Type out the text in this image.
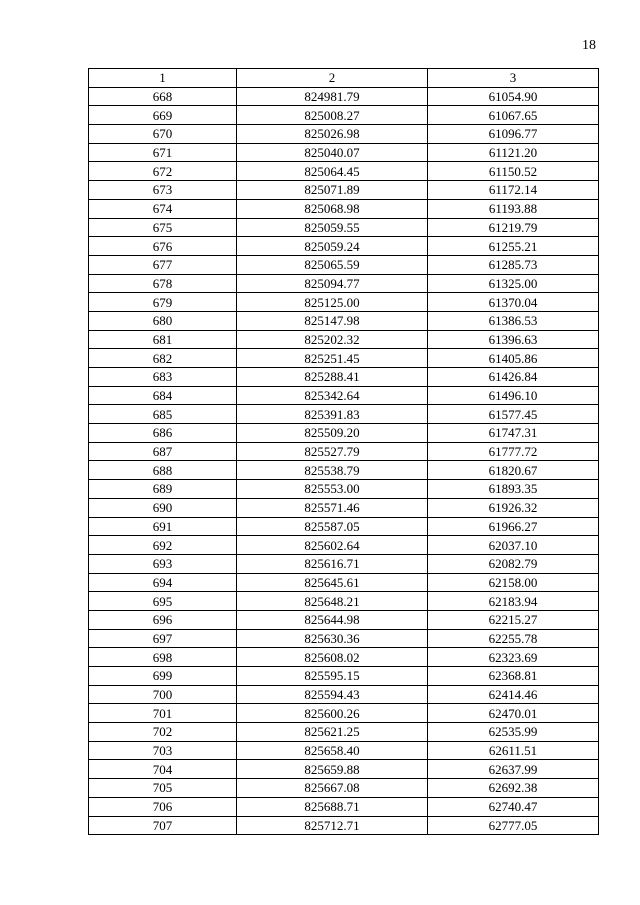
18
1	2	3
668	824981.79	61054.90
669	825008.27	61067.65
670	825026.98	61096.77
671	825040.07	61121.20
672	825064.45	61150.52
673	825071.89	61172.14
674	825068.98	61193.88
675	825059.55	61219.79
676	825059.24	61255.21
677	825065.59	61285.73
678	825094.77	61325.00
679	825125.00	61370.04
680	825147.98	61386.53
681	825202.32	61396.63
682	825251.45	61405.86
683	825288.41	61426.84
684	825342.64	61496.10
685	825391.83	61577.45
686	825509.20	61747.31
687	825527.79	61777.72
688	825538.79	61820.67
689	825553.00	61893.35
690	825571.46	61926.32
691	825587.05	61966.27
692	825602.64	62037.10
693	825616.71	62082.79
694	825645.61	62158.00
695	825648.21	62183.94
696	825644.98	62215.27
697	825630.36	62255.78
698	825608.02	62323.69
699	825595.15	62368.81
700	825594.43	62414.46
701	825600.26	62470.01
702	825621.25	62535.99
703	825658.40	62611.51
704	825659.88	62637.99
705	825667.08	62692.38
706	825688.71	62740.47
707	825712.71	62777.05
